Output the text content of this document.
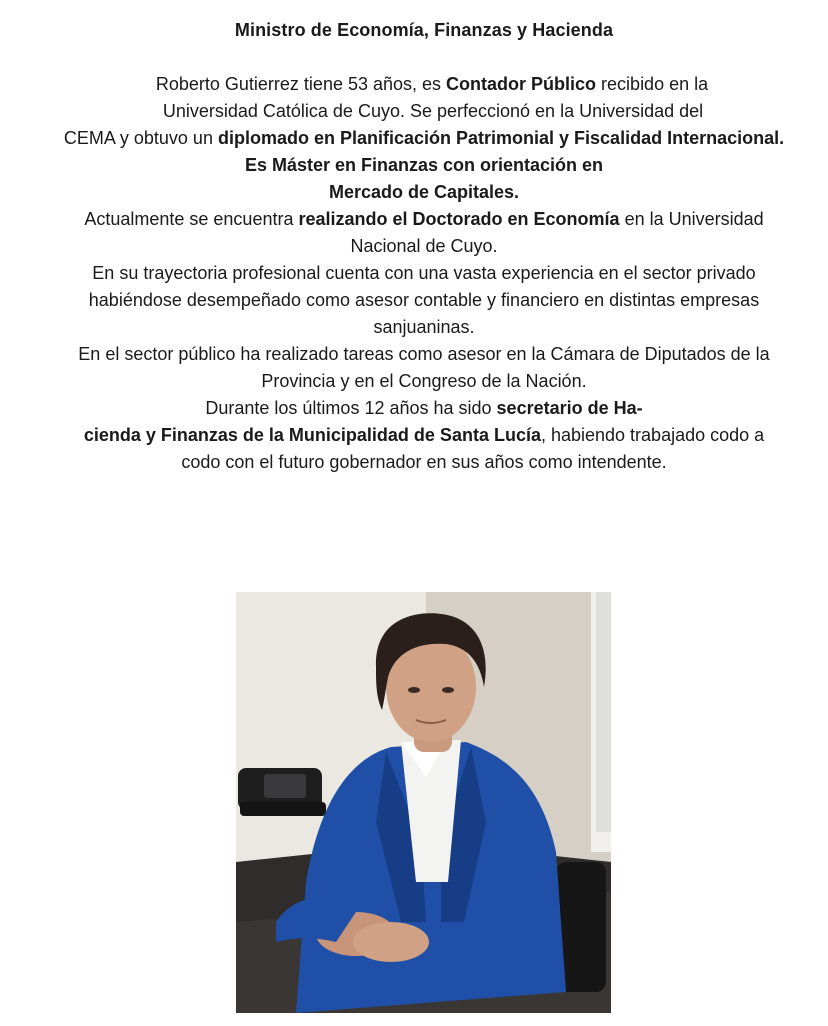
Ministro de Economía, Finanzas y Hacienda
Roberto Gutierrez tiene 53 años, es Contador Público recibido en la
Universidad Católica de Cuyo. Se perfeccionó en la Universidad del
CEMA y obtuvo un diplomado en Planificación Patrimonial y Fiscalidad Internacional.
Es Máster en Finanzas con orientación en
Mercado de Capitales.
Actualmente se encuentra realizando el Doctorado en Economía en la Universidad
Nacional de Cuyo.
En su trayectoria profesional cuenta con una vasta experiencia en el sector privado
habiéndose desempeñado como asesor contable y financiero en distintas empresas
sanjuaninas.
En el sector público ha realizado tareas como asesor en la Cámara de Diputados de la
Provincia y en el Congreso de la Nación.
Durante los últimos 12 años ha sido secretario de Ha-
cienda y Finanzas de la Municipalidad de Santa Lucía, habiendo trabajado codo a
codo con el futuro gobernador en sus años como intendente.
